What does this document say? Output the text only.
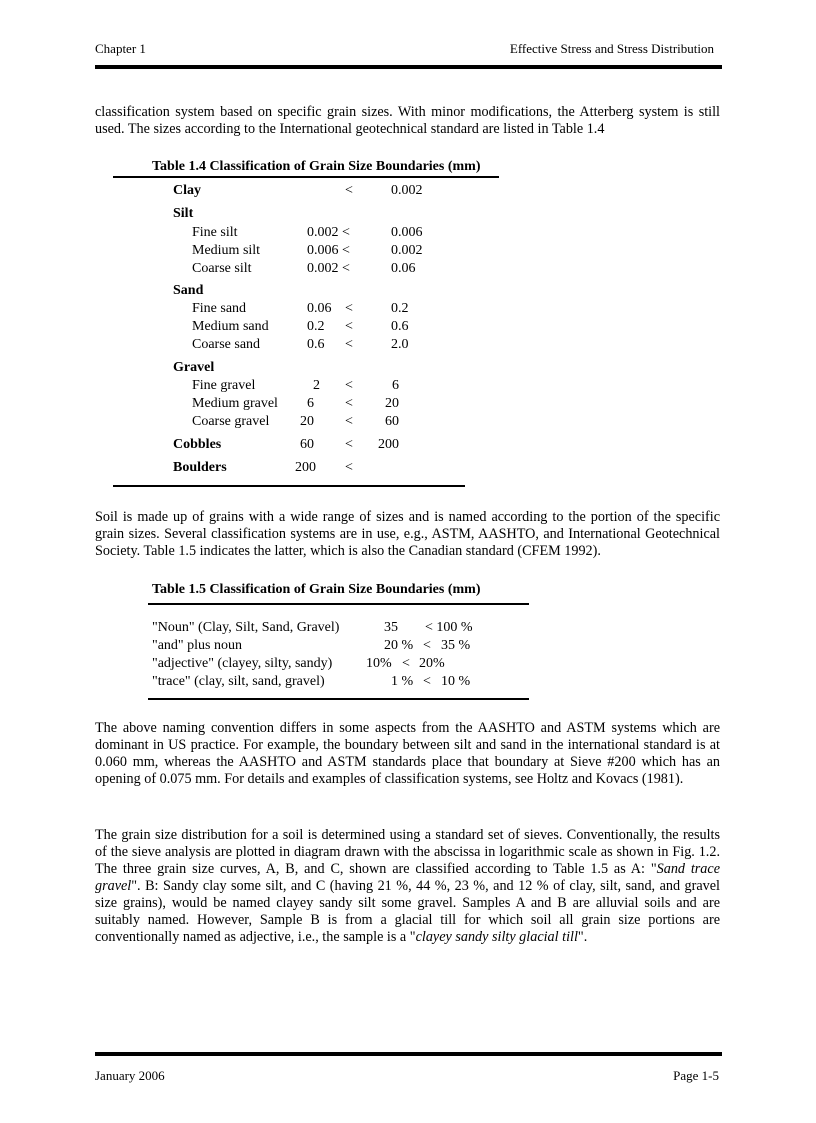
Chapter 1	Effective Stress and Stress Distribution

classification system based on specific grain sizes. With minor modifications, the Atterberg system is still used. The sizes according to the International geotechnical standard are listed in Table 1.4

Table 1.4 Classification of Grain Size Boundaries (mm)
Clay	<	0.002
Silt
Fine silt	0.002 <	0.006
Medium silt	0.006 <	0.002
Coarse silt	0.002 <	0.06
Sand
Fine sand	0.06 <	0.2
Medium sand	0.2 <	0.6
Coarse sand	0.6 <	2.0
Gravel
Fine gravel	2 <	6
Medium gravel 6 < 20
Coarse gravel 20 < 60
Cobbles	60 < 200
Boulders	200 <

Soil is made up of grains with a wide range of sizes and is named according to the portion of the specific grain sizes. Several classification systems are in use, e.g., ASTM, AASHTO, and International Geotechnical Society. Table 1.5 indicates the latter, which is also the Canadian standard (CFEM 1992).

Table 1.5 Classification of Grain Size Boundaries (mm)
"Noun" (Clay, Silt, Sand, Gravel)	35 < 100 %
"and" plus noun	20 % < 35 %
"adjective" (clayey, silty, sandy) 10% < 20%
"trace" (clay, silt, sand, gravel)	1 % < 10 %

The above naming convention differs in some aspects from the AASHTO and ASTM systems which are dominant in US practice. For example, the boundary between silt and sand in the international standard is at 0.060 mm, whereas the AASHTO and ASTM standards place that boundary at Sieve #200 which has an opening of 0.075 mm. For details and examples of classification systems, see Holtz and Kovacs (1981).

The grain size distribution for a soil is determined using a standard set of sieves. Conventionally, the results of the sieve analysis are plotted in diagram drawn with the abscissa in logarithmic scale as shown in Fig. 1.2. The three grain size curves, A, B, and C, shown are classified according to Table 1.5 as A: "Sand trace gravel". B: Sandy clay some silt, and C (having 21 %, 44 %, 23 %, and 12 % of clay, silt, sand, and gravel size grains), would be named clayey sandy silt some gravel. Samples A and B are alluvial soils and are suitably named. However, Sample B is from a glacial till for which soil all grain size portions are conventionally named as adjective, i.e., the sample is a "clayey sandy silty glacial till".

January 2006	Page 1-5
